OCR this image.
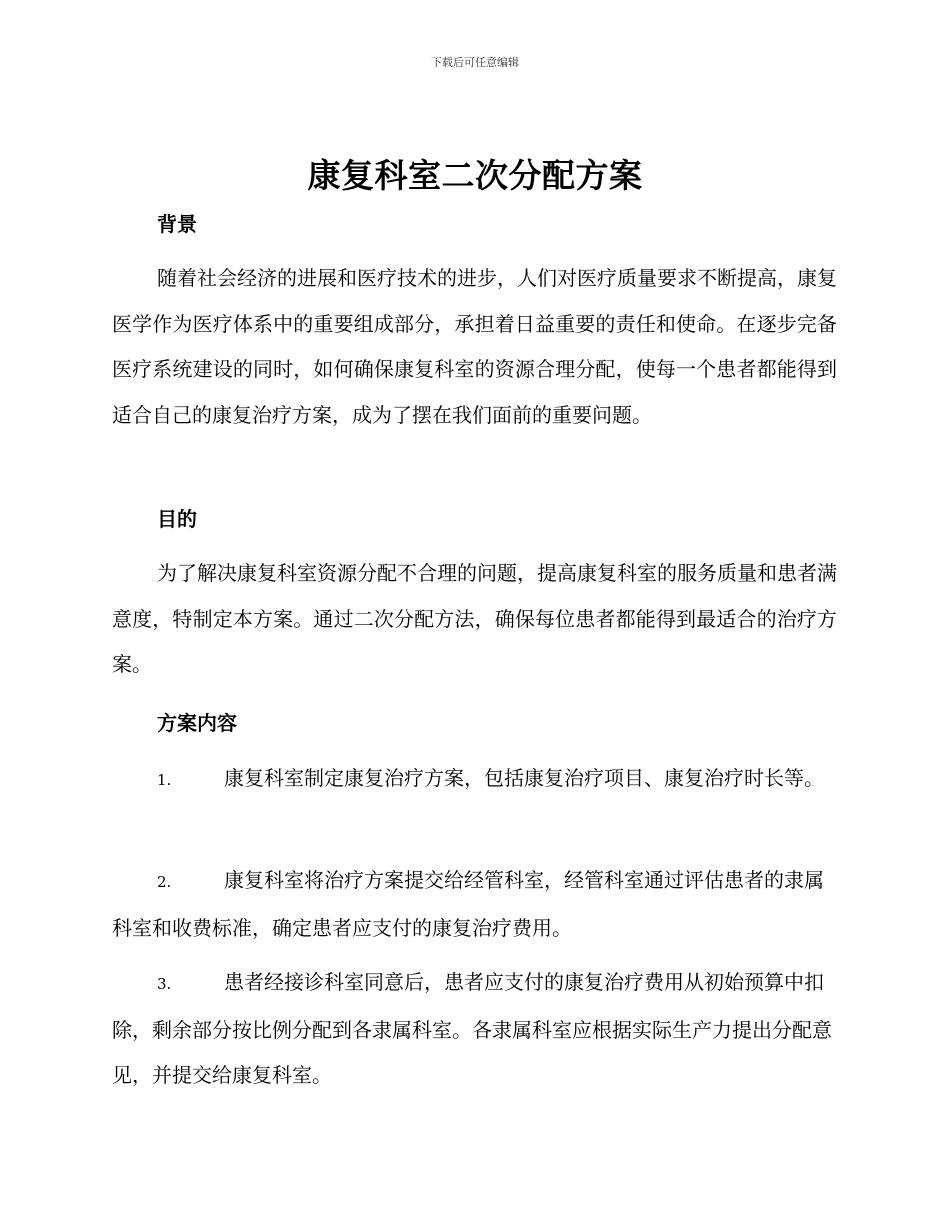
下载后可任意编辑
康复科室二次分配方案
背景

随着社会经济的进展和医疗技术的进步，人们对医疗质量要求不断提高，康复医学作为医疗体系中的重要组成部分，承担着日益重要的责任和使命。在逐步完备医疗系统建设的同时，如何确保康复科室的资源合理分配，使每一个患者都能得到适合自己的康复治疗方案，成为了摆在我们面前的重要问题。

目的

为了解决康复科室资源分配不合理的问题，提高康复科室的服务质量和患者满意度，特制定本方案。通过二次分配方法，确保每位患者都能得到最适合的治疗方案。

方案内容

1.	康复科室制定康复治疗方案，包括康复治疗项目、康复治疗时长等。

2.	康复科室将治疗方案提交给经管科室，经管科室通过评估患者的隶属科室和收费标准，确定患者应支付的康复治疗费用。

3.	患者经接诊科室同意后，患者应支付的康复治疗费用从初始预算中扣除，剩余部分按比例分配到各隶属科室。各隶属科室应根据实际生产力提出分配意见，并提交给康复科室。
